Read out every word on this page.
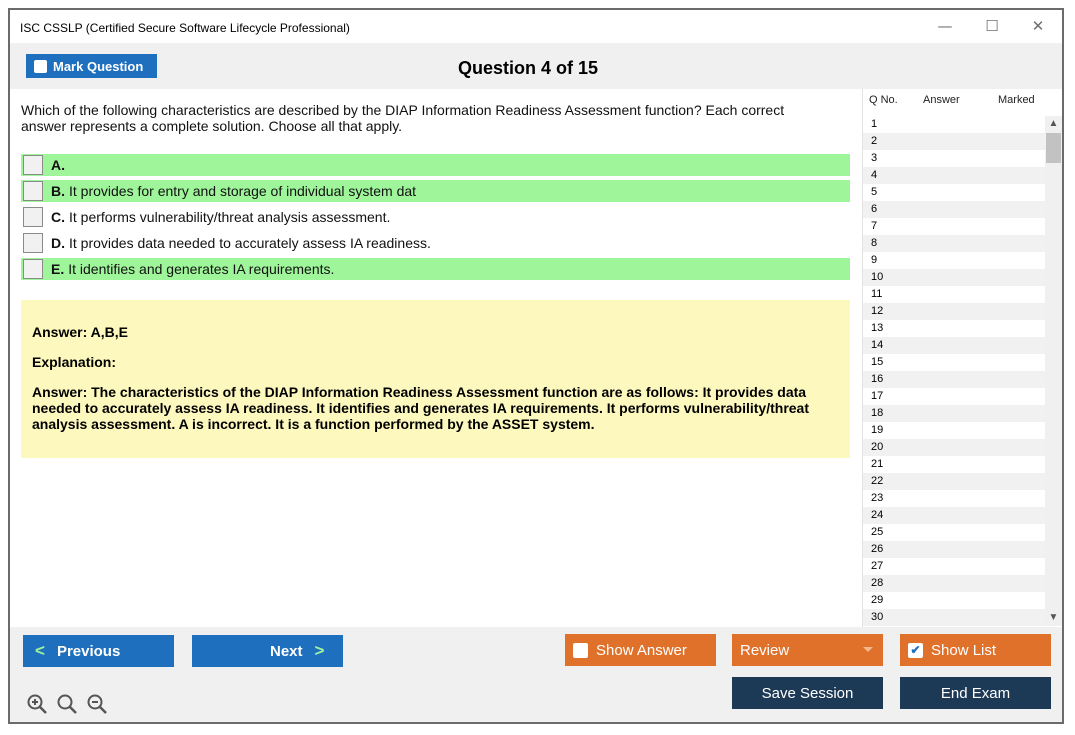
ISC CSSLP (Certified Secure Software Lifecycle Professional)	— ☐ ✕
Mark Question	Question 4 of 15
Which of the following characteristics are described by the DIAP Information Readiness Assessment function? Each correct answer represents a complete solution. Choose all that apply.
A.
B. It provides for entry and storage of individual system dat
C. It performs vulnerability/threat analysis assessment.
D. It provides data needed to accurately assess IA readiness.
E. It identifies and generates IA requirements.
Answer: A,B,E
Explanation:
Answer: The characteristics of the DIAP Information Readiness Assessment function are as follows: It provides data needed to accurately assess IA readiness. It identifies and generates IA requirements. It performs vulnerability/threat analysis assessment. A is incorrect. It is a function performed by the ASSET system.
Q No. Answer	Marked
1
2
3
4
5
6
7
8
9
10
11
12
13
14
15
16
17
18
19
20
21
22
23
24
25
26
27
28
29
30
▲
▼
< Previous	Next >	Show Answer	Review	✔ Show List
Save Session	End Exam
